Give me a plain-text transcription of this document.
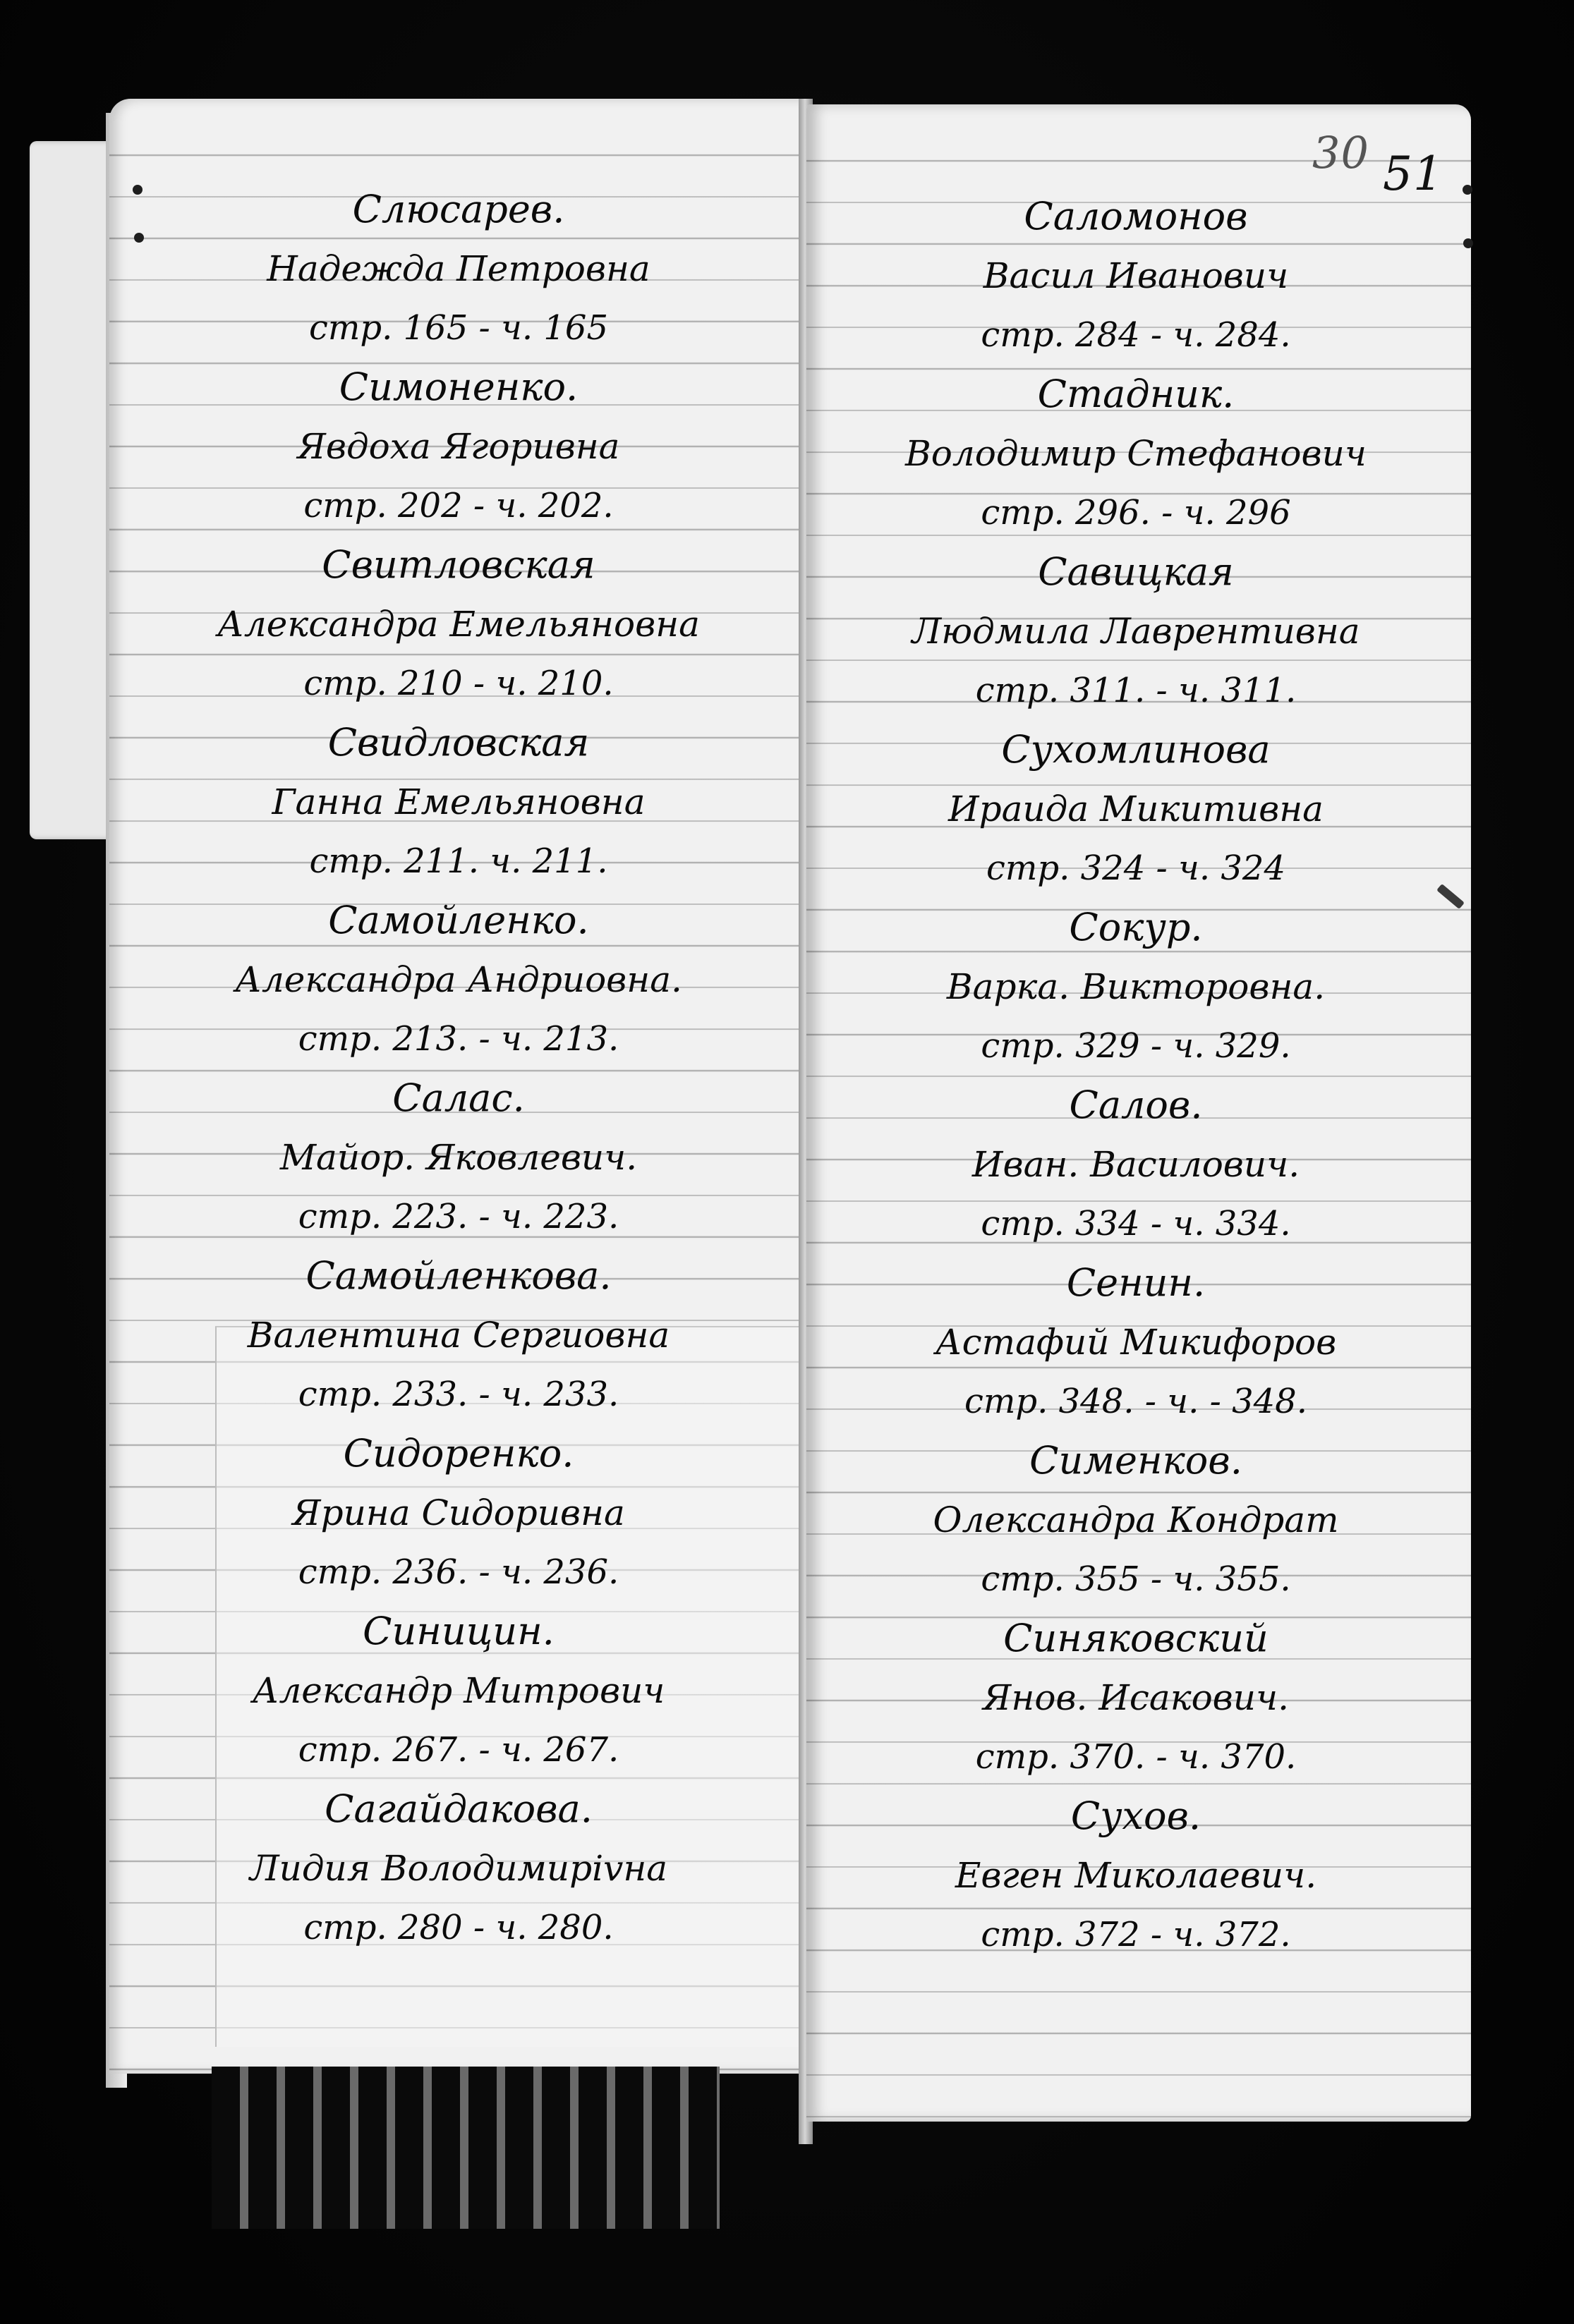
30 51
Слюсарев.
Надежда Петровна
стр. 165 - ч. 165
Симоненко.
Явдоха Ягоривна
стр. 202 - ч. 202.
Свитловская
Александра Емельяновна
стр. 210 - ч. 210.
Свидловская
Ганна Емельяновна
стр. 211. ч. 211.
Самойленко.
Александра Андриовна.
стр. 213. - ч. 213.
Салас.
Майор. Яковлевич.
стр. 223. - ч. 223.
Самойленкова.
Валентина Сергиовна
стр. 233. - ч. 233.
Сидоренко.
Ярина Сидоривна
стр. 236. - ч. 236.
Синицин.
Александр Митрович
стр. 267. - ч. 267.
Сагайдакова.
Лидия Володимирivна
стр. 280 - ч. 280.
Саломонов
Васил Иванович
стр. 284 - ч. 284.
Стадник.
Володимир Стефанович
стр. 296. - ч. 296
Савицкая
Людмила Лаврентивна
стр. 311. - ч. 311.
Сухомлинова
Ираида Микитивна
стр. 324 - ч. 324
Сокур.
Варка. Викторовна.
стр. 329 - ч. 329.
Салов.
Иван. Василович.
стр. 334 - ч. 334.
Сенин.
Астафий Микифоров
стр. 348. - ч. - 348.
Сименков.
Олександра Кондрат
стр. 355 - ч. 355.
Синяковский
Янов. Исакович.
стр. 370. - ч. 370.
Сухов.
Евген Миколаевич.
стр. 372 - ч. 372.
